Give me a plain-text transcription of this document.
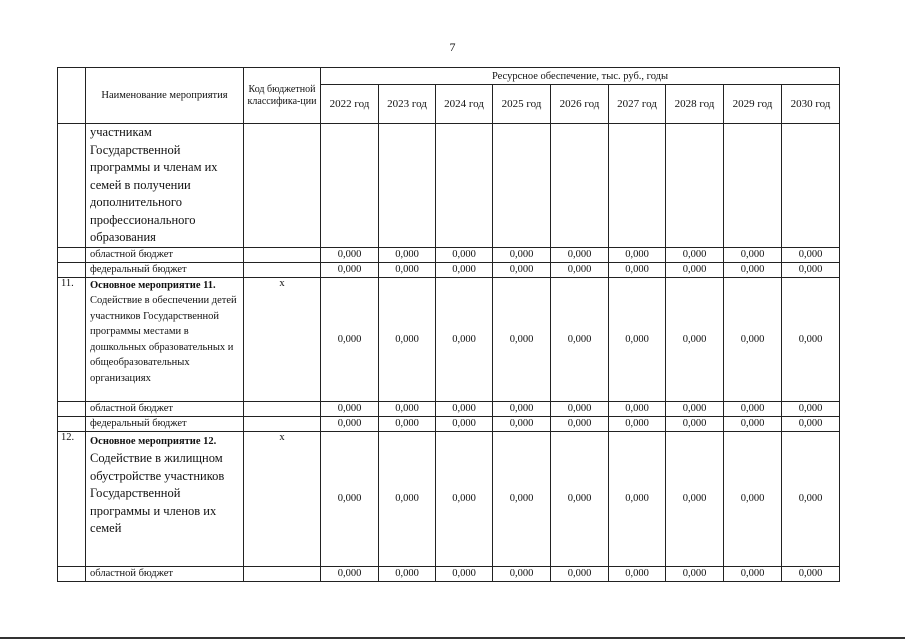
7
	Наименование мероприятия	Код бюджетной классифика-ции	Ресурсное обеспечение, тыс. руб., годы								
			2022 год	2023 год	2024 год	2025 год	2026 год	2027 год	2028 год	2029 год	2030 год
	участникам Государственной программы и членам их семей в получении дополнительного профессионального образования										
	областной бюджет		0,000	0,000	0,000	0,000	0,000	0,000	0,000	0,000	0,000
	федеральный бюджет		0,000	0,000	0,000	0,000	0,000	0,000	0,000	0,000	0,000
11.	Основное мероприятие 11. Содействие в обеспечении детей участников Государственной программы местами в дошкольных образовательных и общеобразовательных организациях	х	0,000	0,000	0,000	0,000	0,000	0,000	0,000	0,000	0,000
	областной бюджет		0,000	0,000	0,000	0,000	0,000	0,000	0,000	0,000	0,000
	федеральный бюджет		0,000	0,000	0,000	0,000	0,000	0,000	0,000	0,000	0,000
12.	Основное мероприятие 12. Содействие в жилищном обустройстве участников Государственной программы и членов их семей	х	0,000	0,000	0,000	0,000	0,000	0,000	0,000	0,000	0,000
	областной бюджет		0,000	0,000	0,000	0,000	0,000	0,000	0,000	0,000	0,000
